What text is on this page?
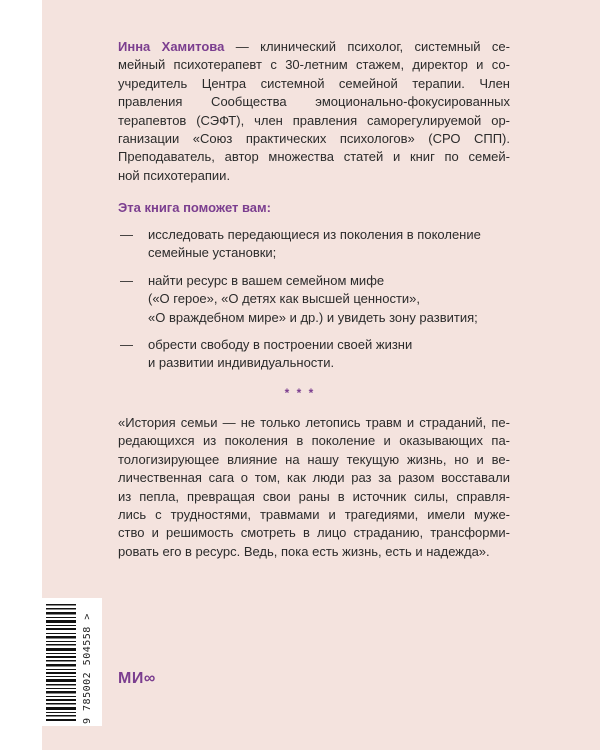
Инна Хамитова — клинический психолог, системный се-
мейный психотерапевт с 30-летним стажем, директор и со-
учредитель Центра системной семейной терапии. Член
правления Сообщества эмоционально-фокусированных
терапевтов (СЭФТ), член правления саморегулируемой ор-
ганизации «Союз практических психологов» (СРО СПП).
Преподаватель, автор множества статей и книг по семей-
ной психотерапии.
Эта книга поможет вам:
— исследовать передающиеся из поколения в поколение
семейные установки;
— найти ресурс в вашем семейном мифе
(«О герое», «О детях как высшей ценности»,
«О враждебном мире» и др.) и увидеть зону развития;
— обрести свободу в построении своей жизни
и развитии индивидуальности.
* * *
«История семьи — не только летопись травм и страданий, пе-
редающихся из поколения в поколение и оказывающих па-
тологизирующее влияние на нашу текущую жизнь, но и ве-
личественная сага о том, как люди раз за разом восставали
из пепла, превращая свои раны в источник силы, справля-
лись с трудностями, травмами и трагедиями, имели муже-
ство и решимость смотреть в лицо страданию, трансформи-
ровать его в ресурс. Ведь, пока есть жизнь, есть и надежда».
9 785002 504558 > МИ∞
